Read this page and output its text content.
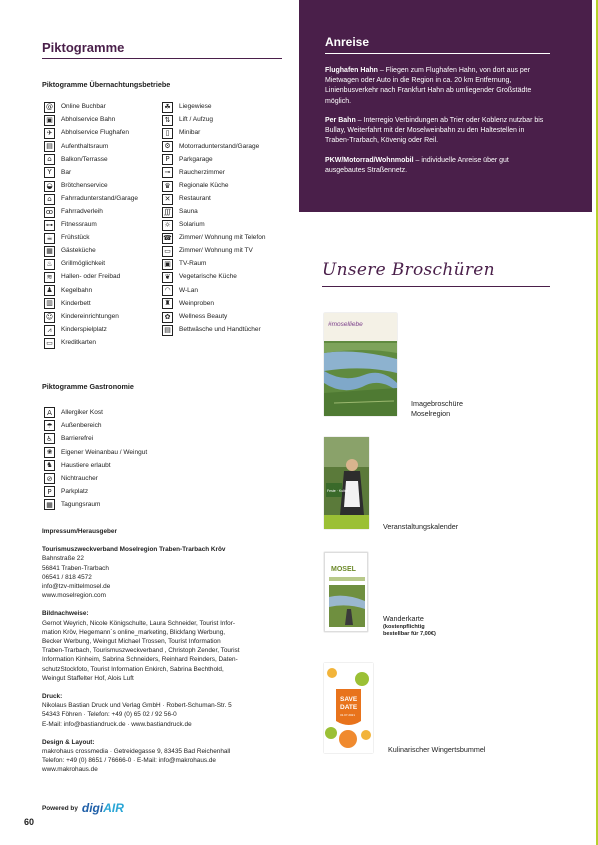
Piktogramme
Piktogramme Übernachtungsbetriebe
@	Online Buchbar	☘	Liegewiese
▣	Abholservice Bahn	⇅	Lift / Aufzug
✈	Abholservice Flughafen	▯	Minibar
▤	Aufenthaltsraum	⚙	Motorradunterstand/Garage
⌂	Balkon/Terrasse	P	Parkgarage
Y	Bar	⊸	Raucherzimmer
◒	Brötchenservice	♛	Regionale Küche
⌂	Fahrradunterstand/Garage	✕	Restaurant
ꝏ Fahrradverleih	∭ Sauna
⊶	Fitnessraum	☼	Solarium
☕	Frühstück	☎ Zimmer/ Wohnung mit Telefon
▦	Gästeküche	▭	Zimmer/ Wohnung mit TV
♨	Grillmöglichkeit	▣	TV-Raum
≋	Hallen- oder Freibad	❦	Vegetarische Küche
♟	Kegelbahn	◠	W-Lan
▥	Kinderbett	♜	Weinproben
☺ Kindereinrichtungen	✿	Wellness Beauty
⩘	Kinderspielplatz	▤	Bettwäsche und Handtücher
▭	Kreditkarten
Piktogramme Gastronomie
A	Allergiker Kost
☂	Außenbereich
♿	Barrierefrei
❀	Eigener Weinanbau / Weingut
♞	Haustiere erlaubt
⊘	Nichtraucher
P	Parkplatz
▦	Tagungsraum
Impressum/Herausgeber
Tourismuszweckverband Moselregion Traben-Trarbach Kröv
Bahnstraße 22
56841 Traben-Trarbach
06541 / 818 4572
info@tzv-mittelmosel.de
www.moselregion.com
Bildnachweise:
Gernot Weyrich, Nicole Königschulte, Laura Schneider, Tourist Infor-
mation Kröv, Hegemann´s online_marketing, Blickfang Werbung,
Becker Werbung, Weingut Michael Trossen, Tourist Information
Traben-Trarbach, Tourismuszweckverband , Christoph Zender, Tourist
Information Kinheim, Sabrina Schneiders, Reinhard Reinders, Daten-
schutzStockfoto, Tourist Information Enkirch, Sabrina Bechthold,
Weingut Staffelter Hof, Alois Luft
Druck:
Nikolaus Bastian Druck und Verlag GmbH · Robert-Schuman-Str. 5
54343 Föhren · Telefon: +49 (0) 65 02 / 92 56-0
E-Mail: info@bastiandruck.de · www.bastiandruck.de
Design & Layout:
makrohaus crossmedia · Getreidegasse 9, 83435 Bad Reichenhall
Telefon: +49 (0) 8651 / 76666-0 · E-Mail: info@makrohaus.de
www.makrohaus.de
Powered by digiAIR
60
Anreise
Flughafen Hahn – Fliegen zum Flughafen Hahn, von dort aus per Mietwagen oder Auto in die Region in ca. 20 km Entfernung, Linienbusverkehr nach Frankfurt Hahn ab umliegender Großstädte möglich.
Per Bahn – Interregio Verbindungen ab Trier oder Koblenz nutzbar bis Bullay, Weiterfahrt mit der Moselweinbahn zu den Haltestellen in Traben-Trarbach, Kövenig oder Reil.
PKW/Motorrad/Wohnmobil – individuelle Anreise über gut ausgebautes Straßennetz.
Unsere Broschüren
#moselliebe
Imagebroschüre
Moselregion
Feste · Kultur
Veranstaltungskalender
MOSEL
Wanderkarte
(kostenpflichtig
bestellbar für 7,00€)
SAVE
DATE
31.07.2021
Kulinarischer Wingertsbummel
